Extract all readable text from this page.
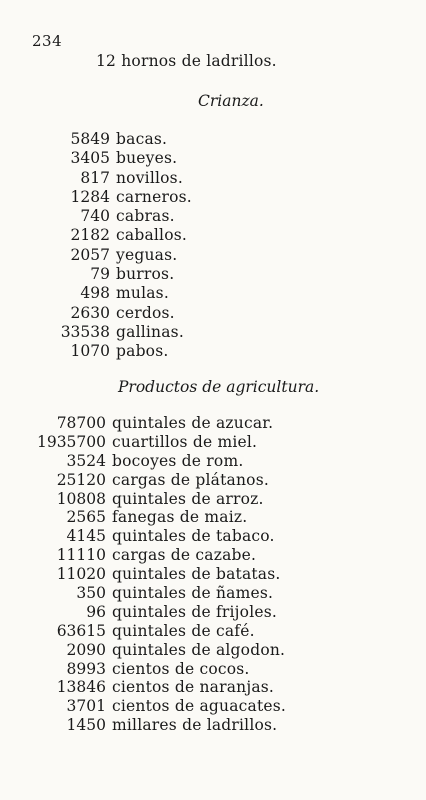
234
12 hornos de ladrillos.
Crianza.
5849 bacas.
3405 bueyes.
817 novillos.
1284 carneros.
740 cabras.
2182 caballos.
2057 yeguas.
79 burros.
498 mulas.
2630 cerdos.
33538 gallinas.
1070 pabos.
Productos de agricultura.
78700 quintales de azucar.
1935700 cuartillos de miel.
3524 bocoyes de rom.
25120 cargas de plátanos.
10808 quintales de arroz.
2565 fanegas de maiz.
4145 quintales de tabaco.
11110 cargas de cazabe.
11020 quintales de batatas.
350 quintales de ñames.
96 quintales de frijoles.
63615 quintales de café.
2090 quintales de algodon.
8993 cientos de cocos.
13846 cientos de naranjas.
3701 cientos de aguacates.
1450 millares de ladrillos.
